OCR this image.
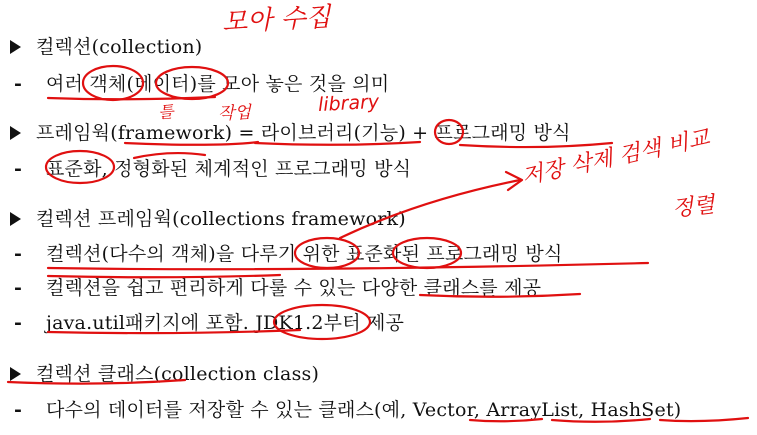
컬렉션(collection)
- 여러 객체(데이터)를 모아 놓은 것을 의미
프레임웍(framework) = 라이브러리(기능) + 프로그래밍 방식
- 표준화, 정형화된 체계적인 프로그래밍 방식
컬렉션 프레임웍(collections framework)
- 컬렉션(다수의 객체)을 다루기 위한 표준화된 프로그래밍 방식
- 컬렉션을 쉽고 편리하게 다룰 수 있는 다양한 클래스를 제공
- java.util패키지에 포함. JDK1.2부터 제공
컬렉션 클래스(collection class)
- 다수의 데이터를 저장할 수 있는 클래스(예, Vector, ArrayList, HashSet)
모아 수집
틀	작업	library
저장 삭제 검색 비교
정렬
